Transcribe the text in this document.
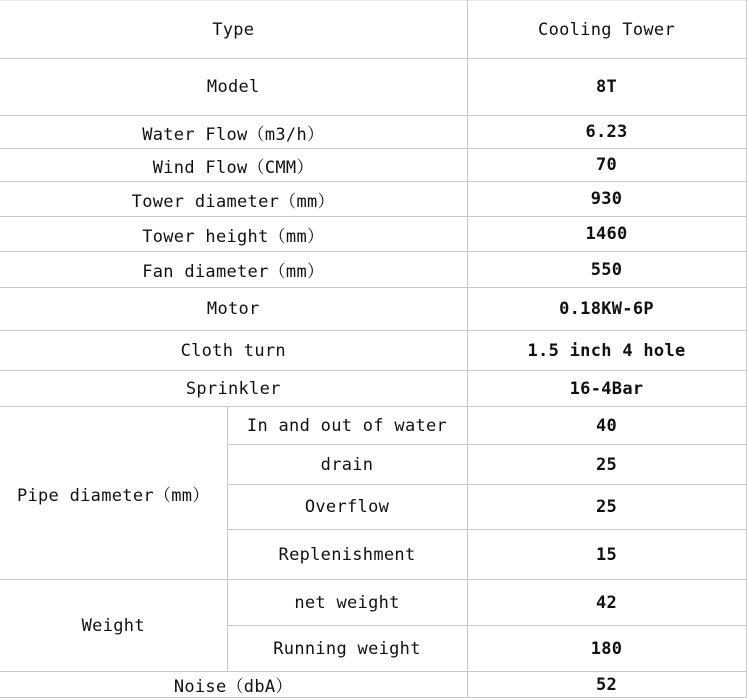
Type		Cooling Tower
Model		8T
Water Flow（m3/h）		6.23
Wind Flow（CMM）		70
Tower diameter（mm）		930
Tower height（mm）		1460
Fan diameter（mm）		550
Motor		0.18KW-6P
Cloth turn		1.5 inch 4 hole
Sprinkler		16-4Bar
Pipe diameter（mm）	In and out of water	40
	drain	25
	Overflow	25
	Replenishment	15
Weight	net weight	42
	Running weight	180
Noise（dbA）		52
